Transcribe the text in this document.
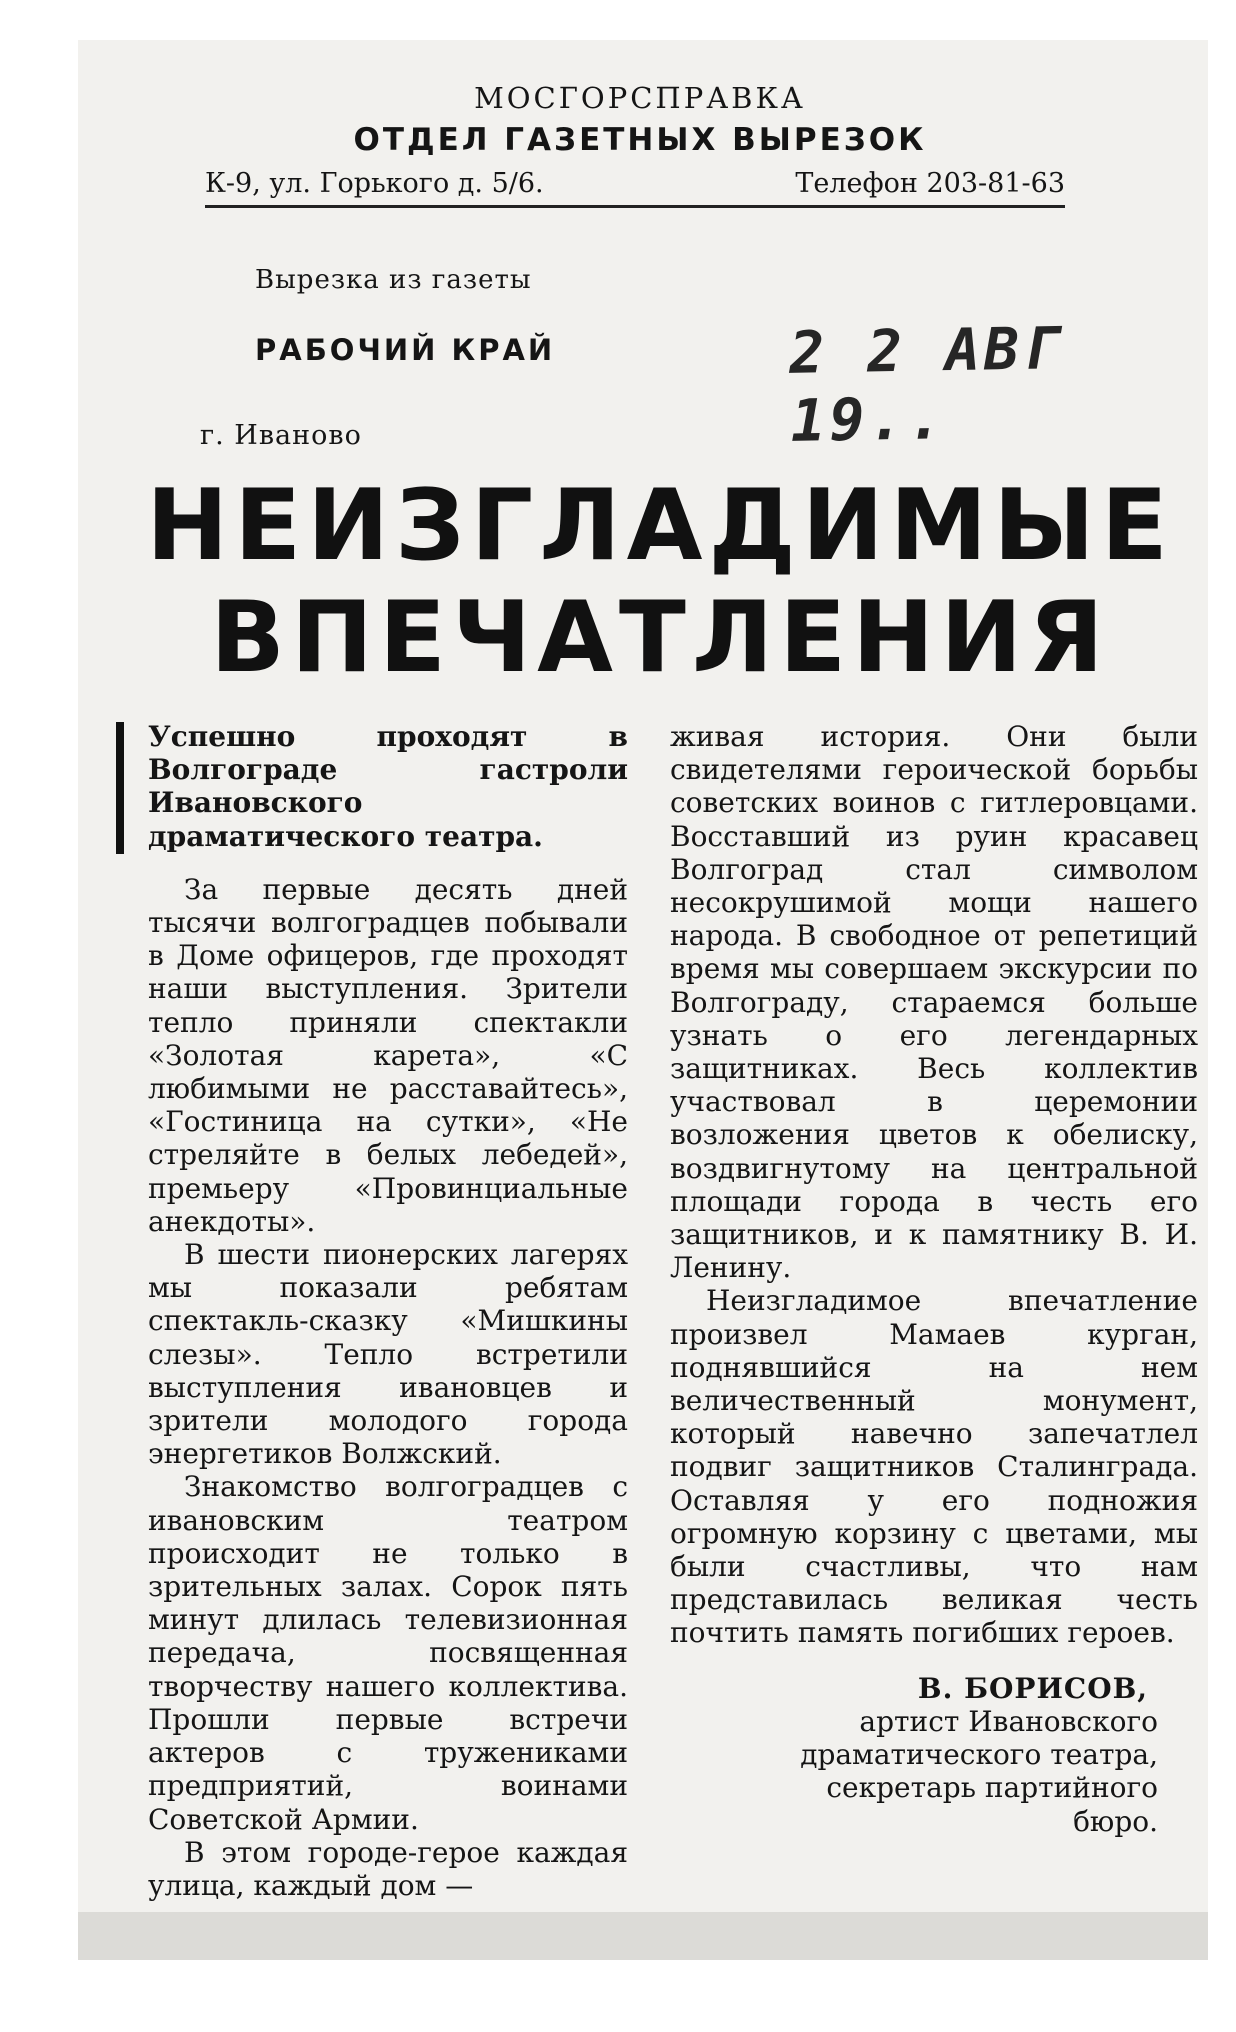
МОСГОРСПРАВКА
ОТДЕЛ ГАЗЕТНЫХ ВЫРЕЗОК
К-9, ул. Горького д. 5/6.	Телефон 203-81-63
Вырезка из газеты
РАБОЧИЙ КРАЙ
г. Иваново
2 2 АВГ 19..
НЕИЗГЛАДИМЫЕ
ВПЕЧАТЛЕНИЯ

Успешно проходят в Волгограде гастроли Ивановского драматического театра.

За первые десять дней тысячи волгоградцев побывали в Доме офицеров, где проходят наши выступления. Зрители тепло приняли спектакли «Золотая карета», «С любимыми не расставайтесь», «Гостиница на сутки», «Не стреляйте в белых лебедей», премьеру «Провинциальные анекдоты».

В шести пионерских лагерях мы показали ребятам спектакль-сказку «Мишкины слезы». Тепло встретили выступления ивановцев и зрители молодого города энергетиков Волжский.

Знакомство волгоградцев с ивановским театром происходит не только в зрительных залах. Сорок пять минут длилась телевизионная передача, посвященная творчеству нашего коллектива. Прошли первые встречи актеров с тружениками предприятий, воинами Советской Армии.

В этом городе-герое каждая улица, каждый дом —

живая история. Они были свидетелями героической борьбы советских воинов с гитлеровцами. Восставший из руин красавец Волгоград стал символом несокрушимой мощи нашего народа. В свободное от репетиций время мы совершаем экскурсии по Волгограду, стараемся больше узнать о его легендарных защитниках. Весь коллектив участвовал в церемонии возложения цветов к обелиску, воздвигнутому на центральной площади города в честь его защитников, и к памятнику В. И. Ленину.

Неизгладимое впечатление произвел Мамаев курган, поднявшийся на нем величественный монумент, который навечно запечатлел подвиг защитников Сталинграда. Оставляя у его подножия огромную корзину с цветами, мы были счастливы, что нам представилась великая честь почтить память погибших героев.

В. БОРИСОВ,
артист Ивановского
драматического театра,
секретарь партийного
бюро.
